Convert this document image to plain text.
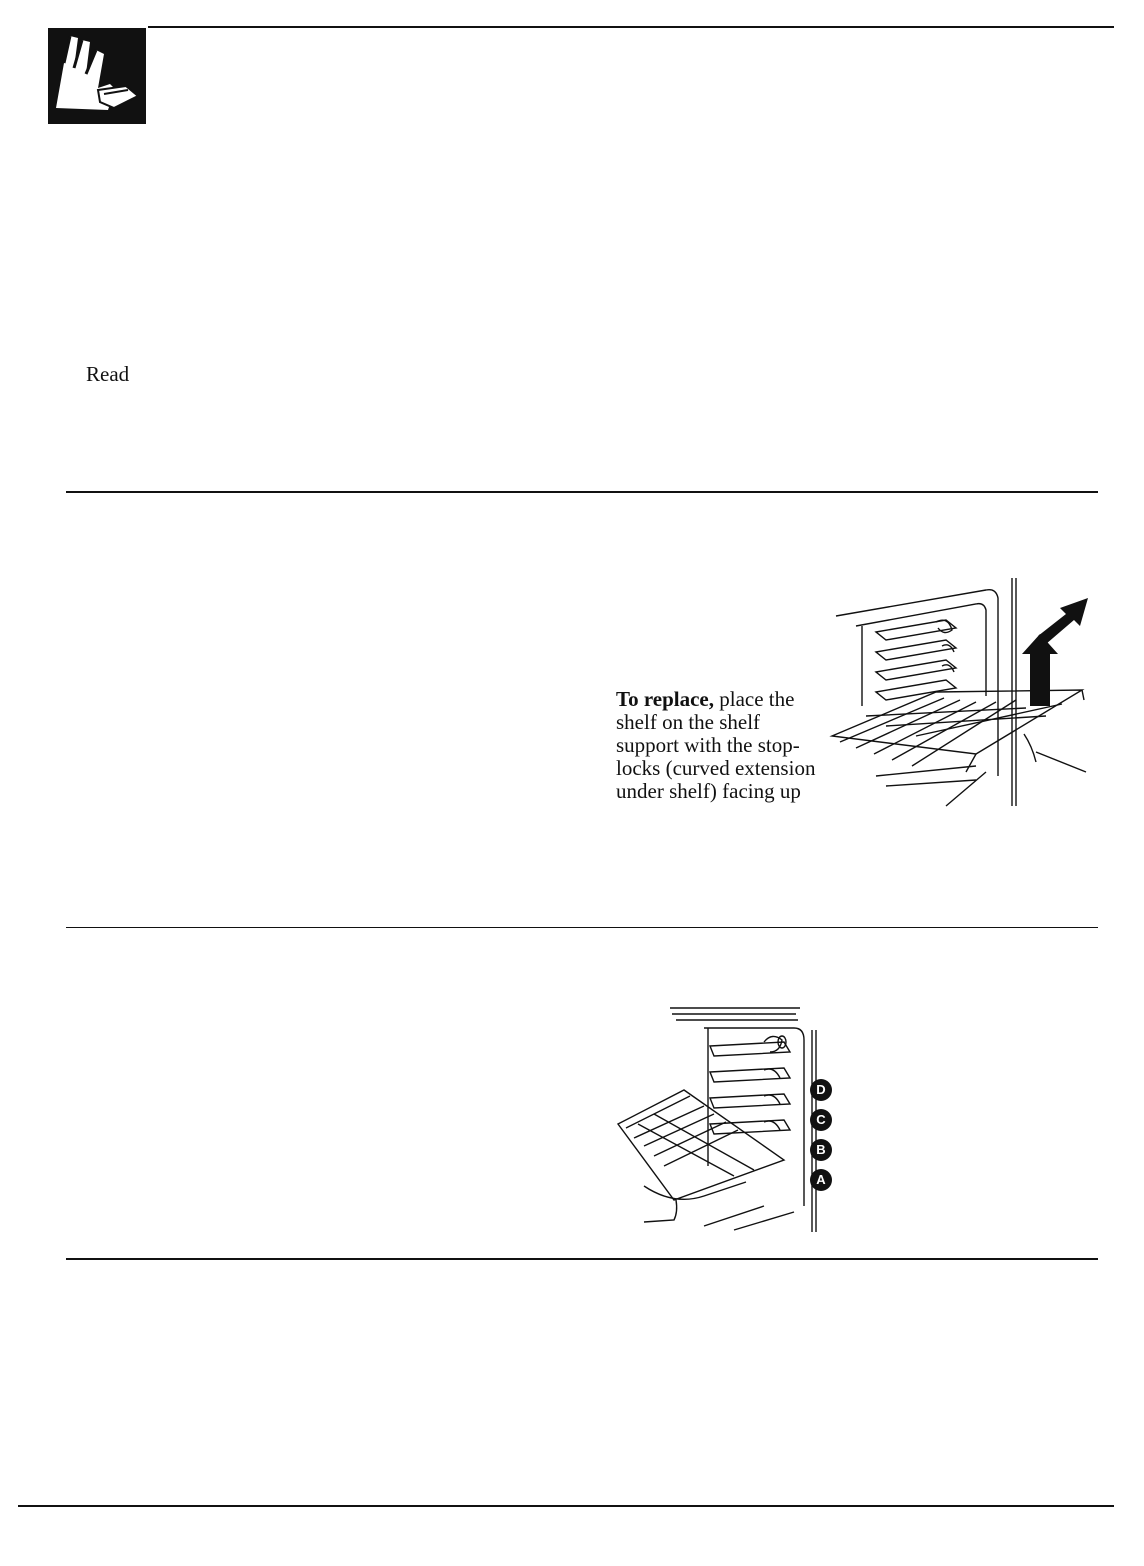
Read
To replace, place the
shelf on the shelf
support with the stop-
locks (curved extension
under shelf) facing up
D
C
B
A
